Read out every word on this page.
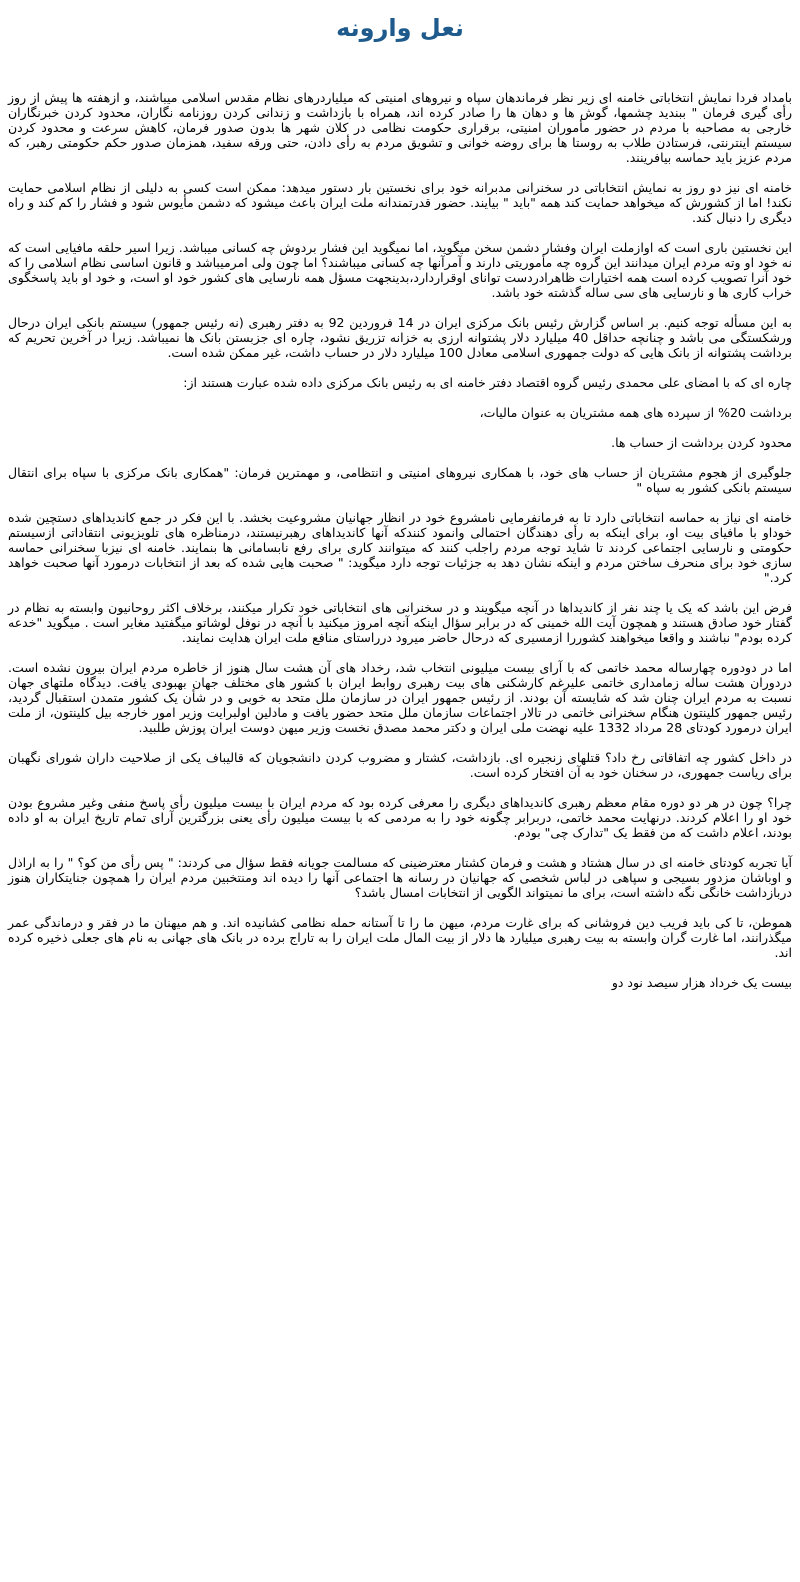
نعل وارونه

بامداد فردا نمایش انتخاباتی خامنه ای زیر نظر فرماندهان سپاه و نیروهای امنیتی که میلیاردرهای نظام مقدس اسلامی میباشند، و ازهفته ها پیش از روز رأی گیری فرمان " ببندید چشمها، گوش ها و دهان ها را صادر کرده اند، همراه با بازداشت و زندانی کردن روزنامه نگاران، محدود کردن خبرنگاران خارجی به مصاحبه با مردم در حضور مأموران امنیتی، برقراری حکومت نظامی در کلان شهر ها بدون صدور فرمان، کاهش سرعت و محدود کردن سیستم اینترنتی، فرستادن طلاب به روستا ها برای روضه خوانی و تشویق مردم به رأی دادن، حتی ورقه سفید، همزمان صدور حکم حکومتی رهبر، که مردم عزیز باید حماسه بیافرینند.

خامنه ای نیز دو روز به نمایش انتخاباتی در سخنرانی مدبرانه خود برای نخستین بار دستور میدهد: ممکن است کسی به دلیلی از نظام اسلامی حمایت نکند! اما از کشورش که میخواهد حمایت کند همه "باید " بیایند. حضور قدرتمندانه ملت ایران باعث میشود که دشمن مأیوس شود و فشار را کم کند و راه دیگری را دنبال کند.

این نخستین باری است که اوازملت ایران وفشار دشمن سخن میگوید، اما نمیگوید این فشار بردوش چه کسانی میباشد. زیرا اسیر حلقه مافیایی است که نه خود او وته مردم ایران میدانند این گروه چه مأموریتی دارند و آمرآنها چه کسانی میباشند؟ اما چون ولی امرمیباشد و قانون اساسی نظام اسلامی را که خود آنرا تصویب کرده است همه اختیارات ظاهرادردست توانای اوقراردارد،بدینجهت مسؤل همه نارسایی های کشور خود او است، و خود او باید پاسخگوی خراب کاری ها و نارسایی های سی ساله گذشته خود باشد.

به این مسأله توجه کنیم. بر اساس گزارش رئیس بانک مرکزی ایران در 14 فروردین 92 به دفتر رهبری (نه رئیس جمهور) سیستم بانکی ایران درحال ورشکستگی می باشد و چنانچه حداقل 40 میلیارد دلار پشتوانه ارزی به خزانه تزریق نشود، چاره ای جزبستن بانک ها نمیباشد. زیرا در آخرین تحریم که برداشت پشتوانه از بانک هایی که دولت جمهوری اسلامی معادل 100 میلیارد دلار در حساب داشت، غیر ممکن شده است.

چاره ای که با امضای علی محمدی رئیس گروه اقتصاد دفتر خامنه ای به رئیس بانک مرکزی داده شده عبارت هستند از:

برداشت 20% از سپرده های همه مشتریان به عنوان مالیات،

محدود کردن برداشت از حساب ها.

جلوگیری از هجوم مشتریان از حساب های خود، با همکاری نیروهای امنیتی و انتظامی، و مهمترین فرمان: "همکاری بانک مرکزی با سپاه برای انتقال سیستم بانکی کشور به سپاه "

خامنه ای نیاز به حماسه انتخاباتی دارد تا به فرمانفرمایی نامشروع خود در انظار جهانیان مشروعیت بخشد. با این فکر در جمع کاندیداهای دستچین شده خوداو با مافیای بیت او، برای اینکه به رأی دهندگان احتمالی وانمود کنندکه آنها کاندیداهای رهبرنیستند، درمناظره های تلویزیونی انتقاداتی ازسیستم حکومتی و نارسایی اجتماعی کردند تا شاید توجه مردم راجلب کنند که میتوانند کاری برای رفع نابسامانی ها بنمایند. خامنه ای نیزبا سخنرانی حماسه سازی خود برای منحرف ساختن مردم و اینکه نشان دهد به جزئیات توجه دارد میگوید: " صحبت هایی شده که بعد از انتخابات درمورد آنها صحبت خواهد کرد."

فرض این باشد که یک یا چند نفر از کاندیداها در آنچه میگویند و در سخنرانی های انتخاباتی خود تکرار میکنند، برخلاف اکثر روحانیون وابسته به نظام در گفتار خود صادق هستند و همچون آیت الله خمینی که در برابر سؤال اینکه آنچه امروز میکنید با آنچه در نوفل لوشاتو میگفتید مغایر است . میگوید "خدعه کرده بودم" نباشند و واقعا میخواهند کشوررا ازمسیری که درحال حاضر میرود درراستای منافع ملت ایران هدایت نمایند.

اما در دودوره چهارساله محمد خاتمی که با آرای بیست میلیونی انتخاب شد، رخداد های آن هشت سال هنوز از خاطره مردم ایران بیرون نشده است. دردوران هشت ساله زمامداری خاتمی علیرغم کارشکنی های بیت رهبری روابط ایران با کشور های مختلف جهان بهبودی یافت. دیدگاه ملتهای جهان نسبت به مردم ایران چنان شد که شایسته آن بودند. از رئیس جمهور ایران در سازمان ملل متحد به خوبی و در شأن یک کشور متمدن استقبال گردید، رئیس جمهور کلینتون هنگام سخنرانی خاتمی در تالار اجتماعات سازمان ملل متحد حضور یافت و مادلین اولبرایت وزیر امور خارجه بیل کلینتون، از ملت ایران درمورد کودتای 28 مرداد 1332 علیه نهضت ملی ایران و دکتر محمد مصدق نخست وزیر میهن دوست ایران پوزش طلبید.

در داخل کشور چه اتفاقاتی رخ داد؟ قتلهای زنجیره ای. بازداشت، کشتار و مضروب کردن دانشجویان که قالیباف یکی از صلاحیت داران شورای نگهبان برای ریاست جمهوری، در سخنان خود به آن افتخار کرده است.

چرا؟ چون در هر دو دوره مقام معظم رهبری کاندیداهای دیگری را معرفی کرده بود که مردم ایران با بیست میلیون رأی پاسخ منفی وغیر مشروع بودن خود او را اعلام کردند. درنهایت محمد خاتمی، دربرابر چگونه خود را به مردمی که با بیست میلیون رأی یعنی بزرگترین آرای تمام تاریخ ایران به او داده بودند، اعلام داشت که من فقط یک "تدارک چی" بودم.

آیا تجربه کودتای خامنه ای در سال هشتاد و هشت و فرمان کشتار معترضینی که مسالمت جویانه فقط سؤال می کردند: " پس رأی من کو؟ " را به اراذل و اوباشان مزدور بسیجی و سپاهی در لباس شخصی که جهانیان در رسانه ها اجتماعی آنها را دیده اند ومنتخبین مردم ایران را همچون جنایتکاران هنوز دربازداشت خانگی نگه داشته است، برای ما نمیتواند الگویی از انتخابات امسال باشد؟

هموطن، تا کی باید فریب دین فروشانی که برای غارت مردم، میهن ما را تا آستانه حمله نظامی کشانیده اند. و هم میهنان ما در فقر و درماندگی عمر میگذرانند، اما غارت گران وابسته به بیت رهبری میلیارد ها دلار از بیت المال ملت ایران را به تاراج برده در بانک های جهانی به نام های جعلی ذخیره کرده اند.

بیست یک خرداد هزار سیصد نود دو
